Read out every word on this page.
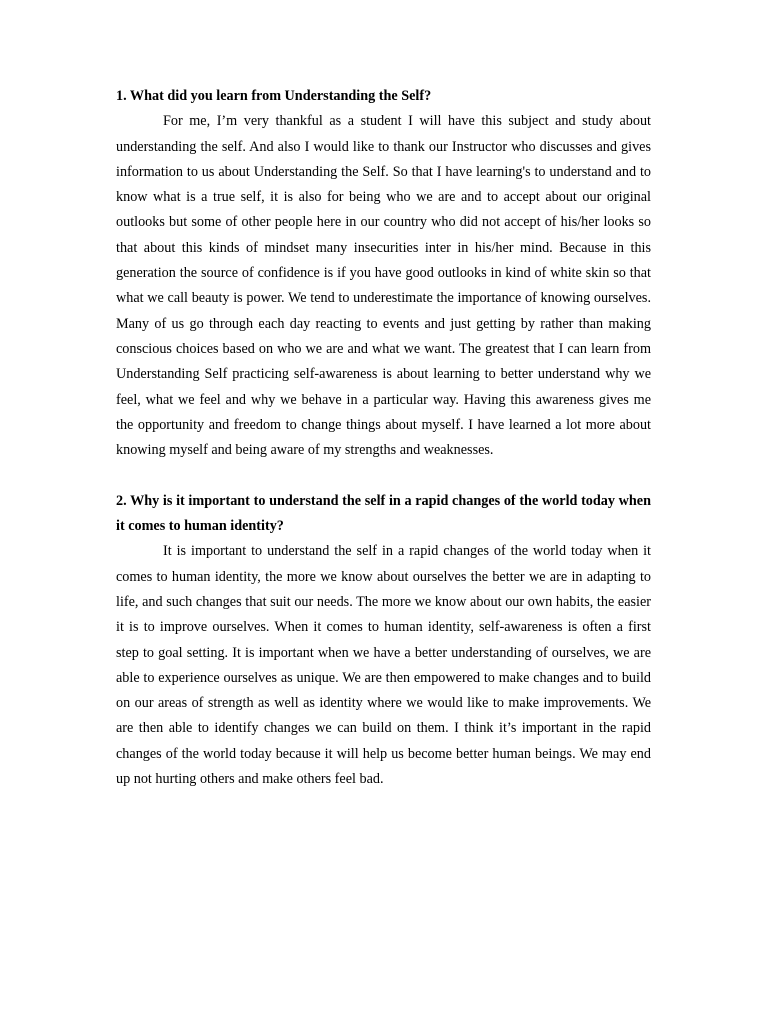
1. What did you learn from Understanding the Self?

For me, I’m very thankful as a student I will have this subject and study about understanding the self. And also I would like to thank our Instructor who discusses and gives information to us about Understanding the Self. So that I have learning's to understand and to know what is a true self, it is also for being who we are and to accept about our original outlooks but some of other people here in our country who did not accept of his/her looks so that about this kinds of mindset many insecurities inter in his/her mind. Because in this generation the source of confidence is if you have good outlooks in kind of white skin so that what we call beauty is power. We tend to underestimate the importance of knowing ourselves. Many of us go through each day reacting to events and just getting by rather than making conscious choices based on who we are and what we want. The greatest that I can learn from Understanding Self practicing self-awareness is about learning to better understand why we feel, what we feel and why we behave in a particular way. Having this awareness gives me the opportunity and freedom to change things about myself. I have learned a lot more about knowing myself and being aware of my strengths and weaknesses.

2. Why is it important to understand the self in a rapid changes of the world today when it comes to human identity?

It is important to understand the self in a rapid changes of the world today when it comes to human identity, the more we know about ourselves the better we are in adapting to life, and such changes that suit our needs. The more we know about our own habits, the easier it is to improve ourselves. When it comes to human identity, self-awareness is often a first step to goal setting. It is important when we have a better understanding of ourselves, we are able to experience ourselves as unique. We are then empowered to make changes and to build on our areas of strength as well as identity where we would like to make improvements. We are then able to identify changes we can build on them. I think it’s important in the rapid changes of the world today because it will help us become better human beings. We may end up not hurting others and make others feel bad.
